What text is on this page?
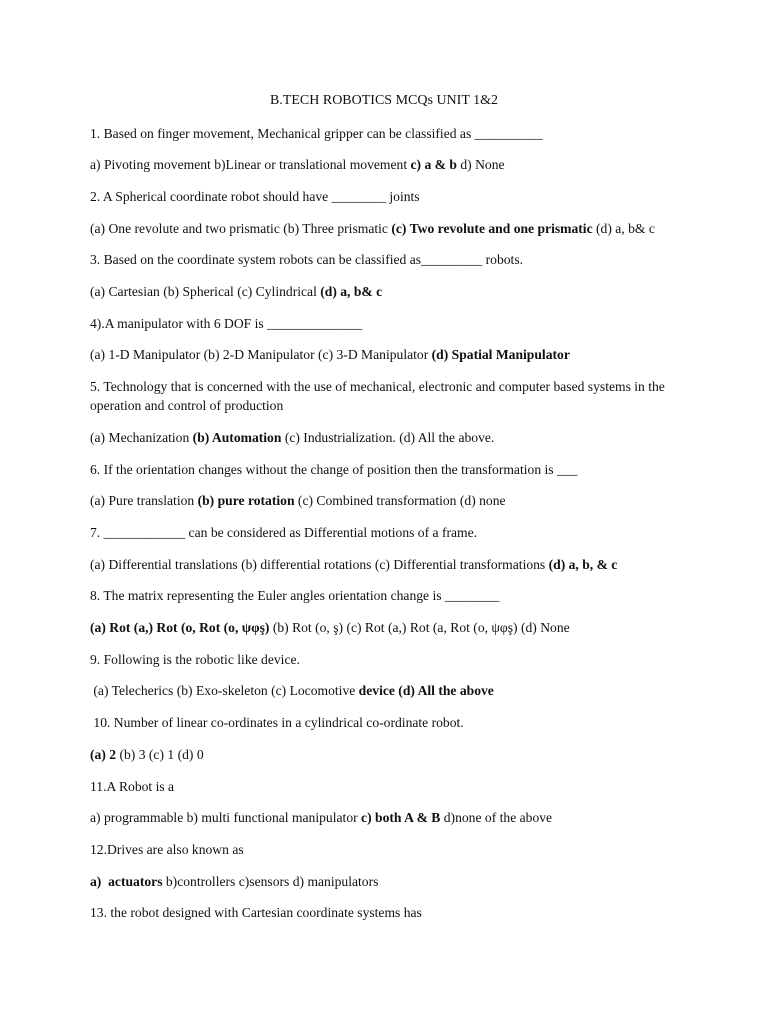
B.TECH ROBOTICS MCQs UNIT 1&2
1. Based on finger movement, Mechanical gripper can be classified as __________
a) Pivoting movement b)Linear or translational movement c) a & b d) None
2. A Spherical coordinate robot should have ________ joints
(a) One revolute and two prismatic (b) Three prismatic (c) Two revolute and one prismatic (d) a, b& c
3. Based on the coordinate system robots can be classified as_________ robots.
(a) Cartesian (b) Spherical (c) Cylindrical (d) a, b& c
4).A manipulator with 6 DOF is ______________
(a) 1-D Manipulator (b) 2-D Manipulator (c) 3-D Manipulator (d) Spatial Manipulator
5. Technology that is concerned with the use of mechanical, electronic and computer based systems in the operation and control of production
(a) Mechanization (b) Automation (c) Industrialization. (d) All the above.
6. If the orientation changes without the change of position then the transformation is ___
(a) Pure translation (b) pure rotation (c) Combined transformation (d) none
7. ____________ can be considered as Differential motions of a frame.
(a) Differential translations (b) differential rotations (c) Differential transformations (d) a, b, & c
8. The matrix representing the Euler angles orientation change is ________
(a) Rot (a,) Rot (o, Rot (o, ψφş) (b) Rot (o, ş) (c) Rot (a,) Rot (a, Rot (o, ψφş) (d) None
9. Following is the robotic like device.
(a) Telecherics (b) Exo-skeleton (c) Locomotive device (d) All the above
10. Number of linear co-ordinates in a cylindrical co-ordinate robot.
(a) 2 (b) 3 (c) 1 (d) 0
11.A Robot is a
a) programmable b) multi functional manipulator c) both A & B d)none of the above
12.Drives are also known as
a)  actuators b)controllers c)sensors d) manipulators
13. the robot designed with Cartesian coordinate systems has
